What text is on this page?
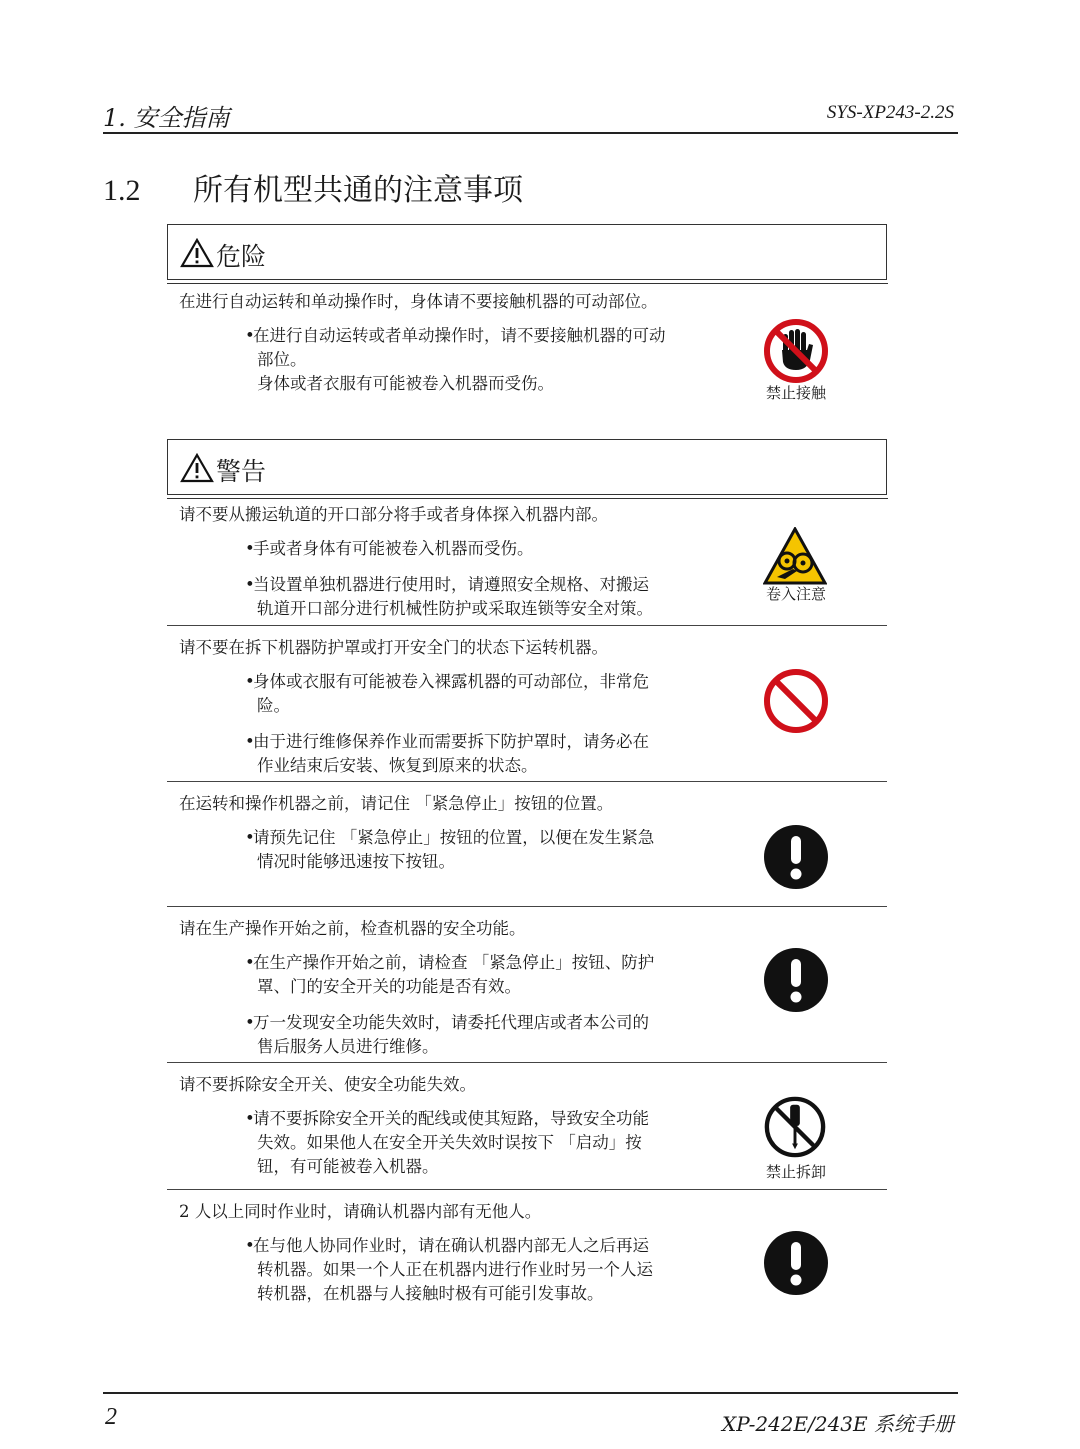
1. 安全指南	SYS-XP243-2.2S
1.2 所有机型共通的注意事项
危险
在进行自动运转和单动操作时，身体请不要接触机器的可动部位。
•在进行自动运转或者单动操作时，请不要接触机器的可动
部位。
身体或者衣服有可能被卷入机器而受伤。	禁止接触
警告
请不要从搬运轨道的开口部分将手或者身体探入机器内部。
•手或者身体有可能被卷入机器而受伤。
•当设置单独机器进行使用时，请遵照安全规格、对搬运
轨道开口部分进行机械性防护或采取连锁等安全对策。
卷入注意
请不要在拆下机器防护罩或打开安全门的状态下运转机器。
•身体或衣服有可能被卷入裸露机器的可动部位，非常危
险。
•由于进行维修保养作业而需要拆下防护罩时，请务必在
作业结束后安装、恢复到原来的状态。
在运转和操作机器之前，请记住 「紧急停止」按钮的位置。
•请预先记住 「紧急停止」按钮的位置，以便在发生紧急
情况时能够迅速按下按钮。
请在生产操作开始之前，检查机器的安全功能。
•在生产操作开始之前，请检查 「紧急停止」按钮、防护
罩、门的安全开关的功能是否有效。
•万一发现安全功能失效时，请委托代理店或者本公司的
售后服务人员进行维修。
请不要拆除安全开关、使安全功能失效。
•请不要拆除安全开关的配线或使其短路，导致安全功能
失效。如果他人在安全开关失效时误按下 「启动」按
钮，有可能被卷入机器。	禁止拆卸
2 人以上同时作业时，请确认机器内部有无他人。
•在与他人协同作业时，请在确认机器内部无人之后再运
转机器。如果一个人正在机器内进行作业时另一个人运
转机器，在机器与人接触时极有可能引发事故。
2	XP-242E/243E 系统手册
